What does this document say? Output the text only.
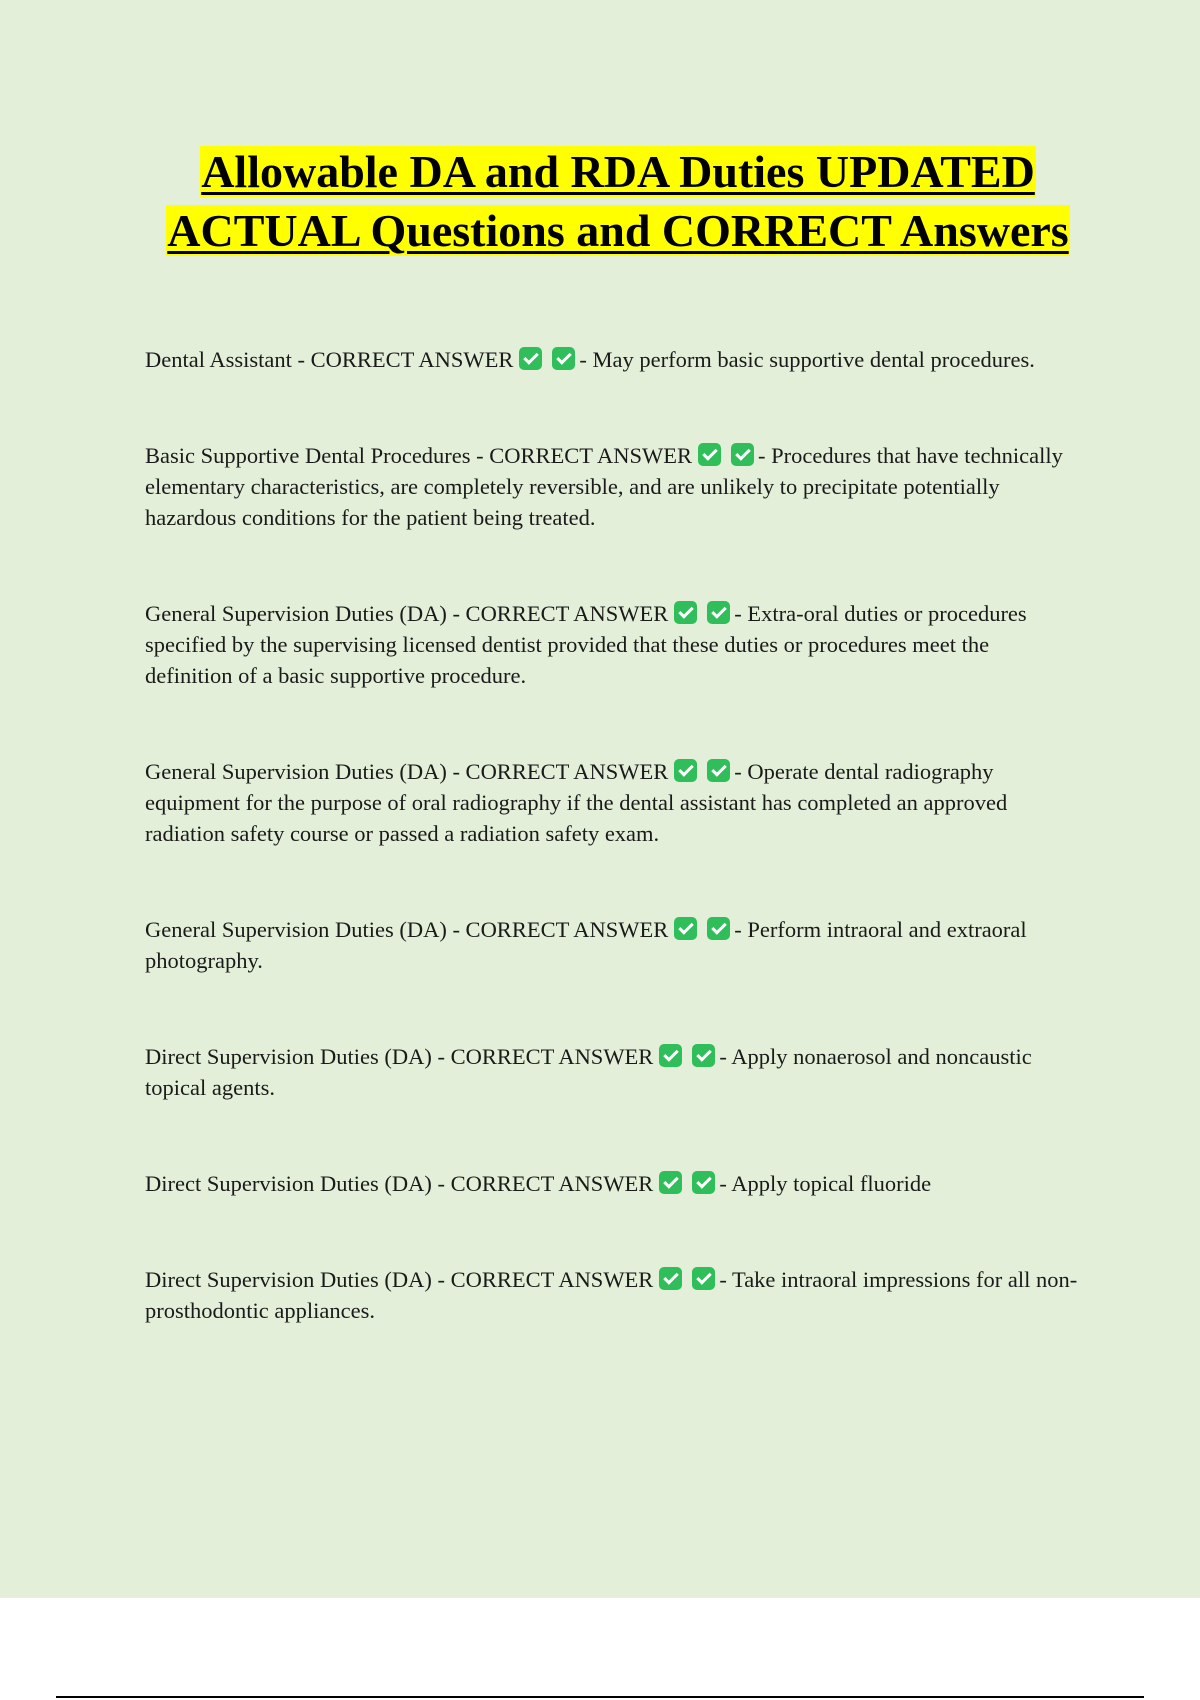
Allowable DA and RDA Duties UPDATED ACTUAL Questions and CORRECT Answers

Dental Assistant - CORRECT ANSWER	- May perform basic supportive dental procedures.

Basic Supportive Dental Procedures - CORRECT ANSWER	- Procedures that have technically elementary characteristics, are completely reversible, and are unlikely to precipitate potentially hazardous conditions for the patient being treated.

General Supervision Duties (DA) - CORRECT ANSWER	- Extra-oral duties or procedures specified by the supervising licensed dentist provided that these duties or procedures meet the definition of a basic supportive procedure.

General Supervision Duties (DA) - CORRECT ANSWER	- Operate dental radiography equipment for the purpose of oral radiography if the dental assistant has completed an approved radiation safety course or passed a radiation safety exam.

General Supervision Duties (DA) - CORRECT ANSWER	- Perform intraoral and extraoral photography.

Direct Supervision Duties (DA) - CORRECT ANSWER	- Apply nonaerosol and noncaustic topical agents.

Direct Supervision Duties (DA) - CORRECT ANSWER	- Apply topical fluoride

Direct Supervision Duties (DA) - CORRECT ANSWER	- Take intraoral impressions for all non-prosthodontic appliances.
